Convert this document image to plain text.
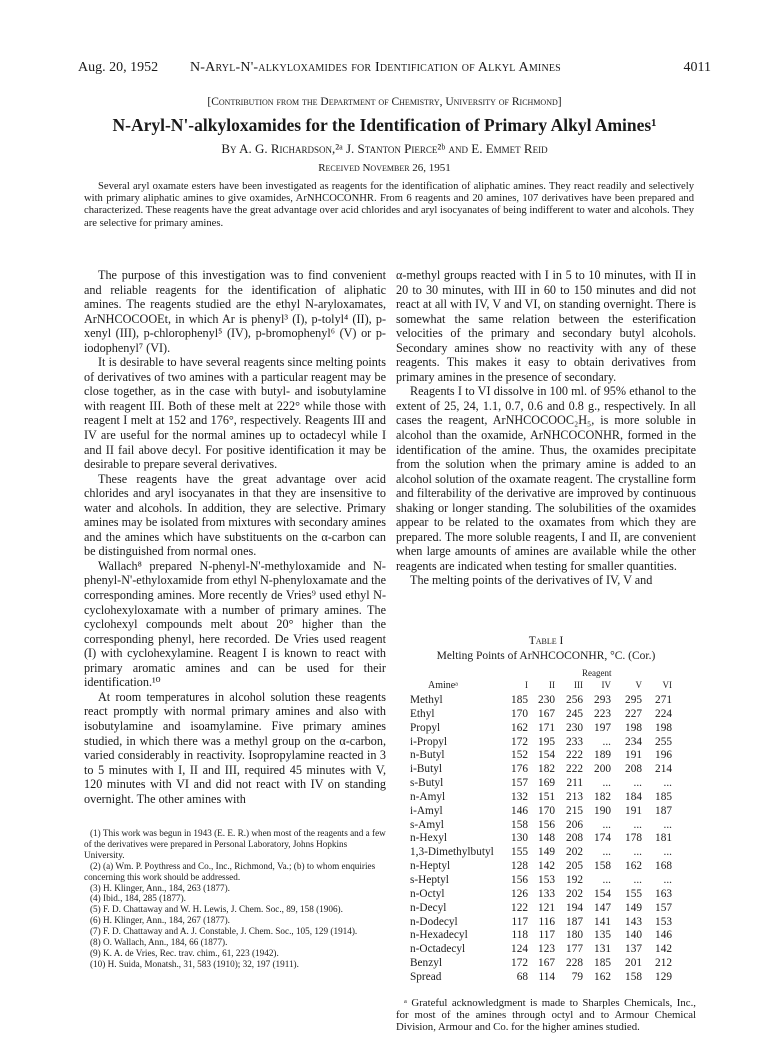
Aug. 20, 1952 N-Aryl-N'-alkyloxamides for Identification of Alkyl Amines	4011
[Contribution from the Department of Chemistry, University of Richmond]
N-Aryl-N'-alkyloxamides for the Identification of Primary Alkyl Amines¹
By A. G. Richardson,²ᵃ J. Stanton Pierce²ᵇ and E. Emmet Reid
Received November 26, 1951
Several aryl oxamate esters have been investigated as reagents for the identification of aliphatic amines. They react readily and selectively with primary aliphatic amines to give oxamides, ArNHCOCONHR. From 6 reagents and 20 amines, 107 derivatives have been prepared and characterized. These reagents have the great advantage over acid chlorides and aryl isocyanates of being indifferent to water and alcohols. They are selective for primary amines.

The purpose of this investigation was to find convenient and reliable reagents for the identification of aliphatic amines. The reagents studied are the ethyl N-aryloxamates, ArNHCOCOOEt, in which Ar is phenyl³ (I), p-tolyl⁴ (II), p-xenyl (III), p-chlorophenyl⁵ (IV), p-bromophenyl⁶ (V) or p-iodophenyl⁷ (VI).

It is desirable to have several reagents since melting points of derivatives of two amines with a particular reagent may be close together, as in the case with butyl- and isobutylamine with reagent III. Both of these melt at 222° while those with reagent I melt at 152 and 176°, respectively. Reagents III and IV are useful for the normal amines up to octadecyl while I and II fail above decyl. For positive identification it may be desirable to prepare several derivatives.

These reagents have the great advantage over acid chlorides and aryl isocyanates in that they are insensitive to water and alcohols. In addition, they are selective. Primary amines may be isolated from mixtures with secondary amines and the amines which have substituents on the α-carbon can be distinguished from normal ones.

Wallach⁸ prepared N-phenyl-N'-methyloxamide and N-phenyl-N'-ethyloxamide from ethyl N-phenyloxamate and the corresponding amines. More recently de Vries⁹ used ethyl N-cyclohexyloxamate with a number of primary amines. The cyclohexyl compounds melt about 20° higher than the corresponding phenyl, here recorded. De Vries used reagent (I) with cyclohexylamine. Reagent I is known to react with primary aromatic amines and can be used for their identification.¹⁰

At room temperatures in alcohol solution these reagents react promptly with normal primary amines and also with isobutylamine and isoamylamine. Five primary amines studied, in which there was a methyl group on the α-carbon, varied considerably in reactivity. Isopropylamine reacted in 3 to 5 minutes with I, II and III, required 45 minutes with V, 120 minutes with VI and did not react with IV on standing overnight. The other amines with

(1) This work was begun in 1943 (E. E. R.) when most of the reagents and a few of the derivatives were prepared in Personal Laboratory, Johns Hopkins University.

(2) (a) Wm. P. Poythress and Co., Inc., Richmond, Va.; (b) to whom enquiries concerning this work should be addressed.

(3) H. Klinger, Ann., 184, 263 (1877).

(4) Ibid., 184, 285 (1877).

(5) F. D. Chattaway and W. H. Lewis, J. Chem. Soc., 89, 158 (1906).

(6) H. Klinger, Ann., 184, 267 (1877).

(7) F. D. Chattaway and A. J. Constable, J. Chem. Soc., 105, 129 (1914).

(8) O. Wallach, Ann., 184, 66 (1877).

(9) K. A. de Vries, Rec. trav. chim., 61, 223 (1942).

(10) H. Suida, Monatsh., 31, 583 (1910); 32, 197 (1911).

α-methyl groups reacted with I in 5 to 10 minutes, with II in 20 to 30 minutes, with III in 60 to 150 minutes and did not react at all with IV, V and VI, on standing overnight. There is somewhat the same relation between the esterification velocities of the primary and secondary butyl alcohols. Secondary amines show no reactivity with any of these reagents. This makes it easy to obtain derivatives from primary amines in the presence of secondary.

Reagents I to VI dissolve in 100 ml. of 95% ethanol to the extent of 25, 24, 1.1, 0.7, 0.6 and 0.8 g., respectively. In all cases the reagent, ArNHCOCOOC₂H₅, is more soluble in alcohol than the oxamide, ArNHCOCONHR, formed in the identification of the amine. Thus, the oxamides precipitate from the solution when the primary amine is added to an alcohol solution of the oxamate reagent. The crystalline form and filterability of the derivative are improved by continuous shaking or longer standing. The solubilities of the oxamides appear to be related to the oxamates from which they are prepared. The more soluble reagents, I and II, are convenient when large amounts of amines are available while the other reagents are indicated when testing for smaller quantities.

The melting points of the derivatives of IV, V and

Table I
Melting Points of ArNHCOCONHR, °C. (Cor.)
Amineᵃ
Reagent
I	II	III	IV	V	VI
Methyl	185 230 256 293	295	271
Ethyl	170 167 245 223	227	224
Propyl	162 171 230 197	198	198
i-Propyl	172 195 233	...	234	255
n-Butyl	152 154 222 189	191	196
i-Butyl	176 182 222 200	208	214
s-Butyl	157 169	211	...	...	...
n-Amyl	132 151 213 182	184	185
i-Amyl	146 170 215 190	191	187
s-Amyl	158 156 206	...	...	...
n-Hexyl	130 148 208 174	178	181
1,3-Dimethylbutyl	155 149 202	...	...	...
n-Heptyl	128 142 205 158	162	168
s-Heptyl	156 153 192	...	...	...
n-Octyl	126 133 202 154	155	163
n-Decyl	122 121 194 147	149	157
n-Dodecyl	117 116 187 141	143	153
n-Hexadecyl	118 117 180 135	140	146
n-Octadecyl	124 123 177 131	137	142
Benzyl	172 167 228 185	201	212
Spread	68 114	79 162	158	129
ᵃ Grateful acknowledgment is made to Sharples Chemicals, Inc., for most of the amines through octyl and to Armour Chemical Division, Armour and Co. for the higher amines studied.
